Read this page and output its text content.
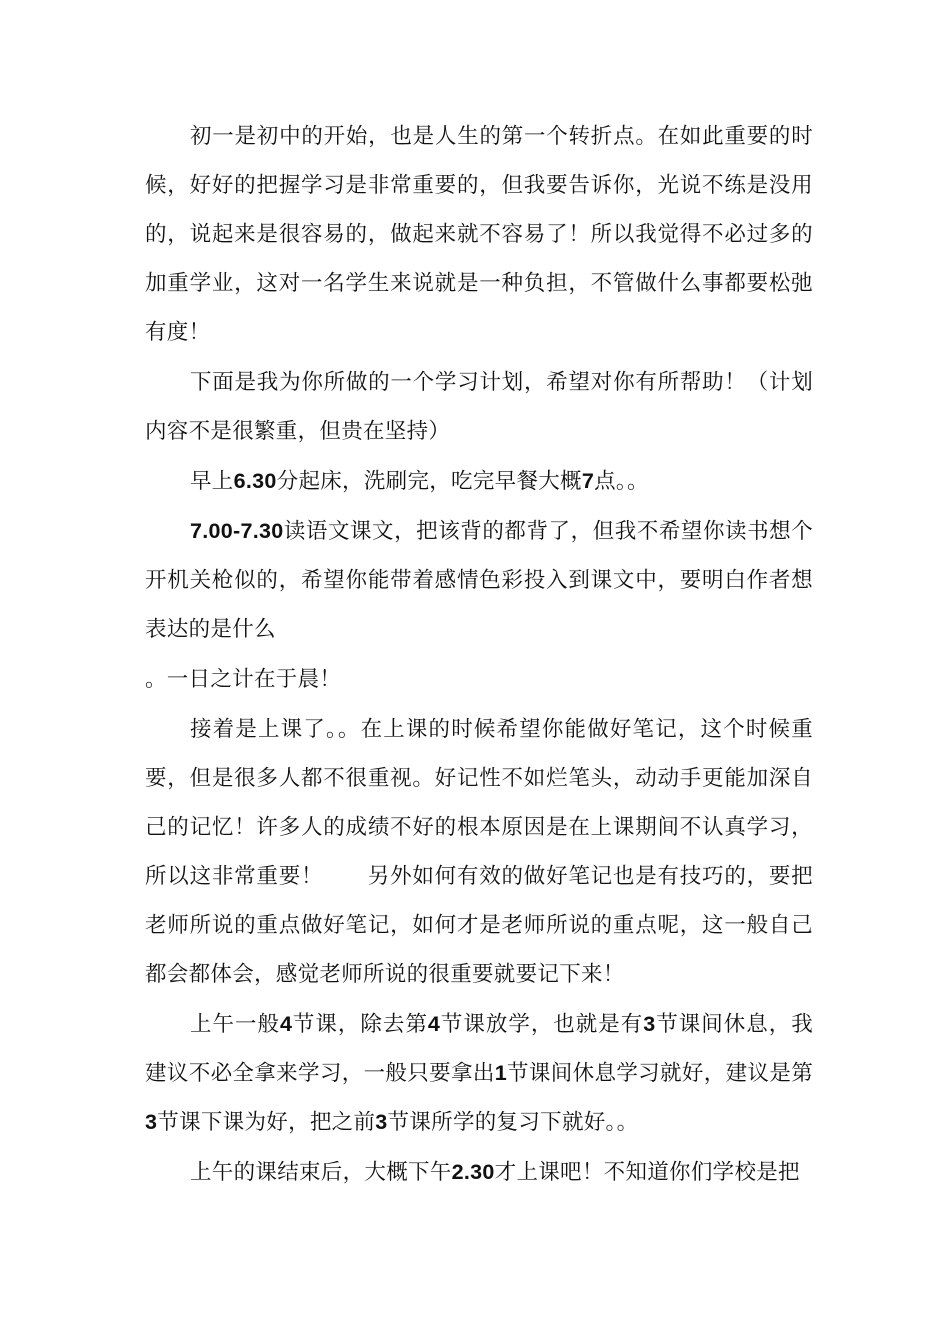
初一是初中的开始，也是人生的第一个转折点。在如此重要的时候，好好的把握学习是非常重要的，但我要告诉你，光说不练是没用的，说起来是很容易的，做起来就不容易了！所以我觉得不必过多的加重学业，这对一名学生来说就是一种负担，不管做什么事都要松弛有度！

下面是我为你所做的一个学习计划，希望对你有所帮助！（计划内容不是很繁重，但贵在坚持）

早上6.30分起床，洗刷完，吃完早餐大概7点。。

7.00-7.30读语文课文，把该背的都背了，但我不希望你读书想个开机关枪似的，希望你能带着感情色彩投入到课文中，要明白作者想表达的是什么

。一日之计在于晨！

接着是上课了。。在上课的时候希望你能做好笔记，这个时候重要，但是很多人都不很重视。好记性不如烂笔头，动动手更能加深自己的记忆！许多人的成绩不好的根本原因是在上课期间不认真学习，所以这非常重要！　　另外如何有效的做好笔记也是有技巧的，要把老师所说的重点做好笔记，如何才是老师所说的重点呢，这一般自己都会都体会，感觉老师所说的很重要就要记下来！

上午一般4节课，除去第4节课放学，也就是有3节课间休息，我建议不必全拿来学习，一般只要拿出1节课间休息学习就好，建议是第3节课下课为好，把之前3节课所学的复习下就好。。

上午的课结束后，大概下午2.30才上课吧！不知道你们学校是把
